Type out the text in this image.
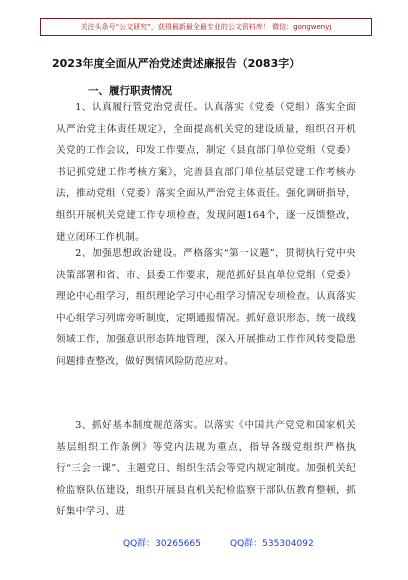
关注头条号“公文研究”，获得最新最全最专业的公文资料库！ 微信：gongwenyj
2023年度全面从严治党述责述廉报告（2083字）
一、履行职责情况

1、认真履行管党治党责任。认真落实《党委（党组）落实全面从严治党主体责任规定》，全面提高机关党的建设质量，组织召开机关党的工作会议，印发工作要点，制定《县直部门单位党组（党委）书记抓党建工作考核方案》，完善县直部门单位基层党建工作考核办法，推动党组（党委）落实全面从严治党主体责任。强化调研指导，组织开展机关党建工作专项检查，发现问题164个，逐一反馈整改，建立闭环工作机制。

2、加强思想政治建设。严格落实“第一议题”，贯彻执行党中央决策部署和省、市、县委工作要求，规范抓好县直单位党组（党委）理论中心组学习，组织理论学习中心组学习情况专项检查。认真落实中心组学习列席旁听制度，定期通报情况。抓好意识形态、统一战线领域工作，加强意识形态阵地管理，深入开展推动工作作风转变隐患问题排查整改，做好舆情风险防范应对。

3、抓好基本制度规范落实。以落实《中国共产党党和国家机关基层组织工作条例》等党内法规为重点，指导各级党组织严格执行“三会一课”、主题党日、组织生活会等党内规定制度。加强机关纪检监察队伍建设，组织开展县直机关纪检监察干部队伍教育整顿，抓好集中学习、进

QQ群：30265665	QQ群：535304092
